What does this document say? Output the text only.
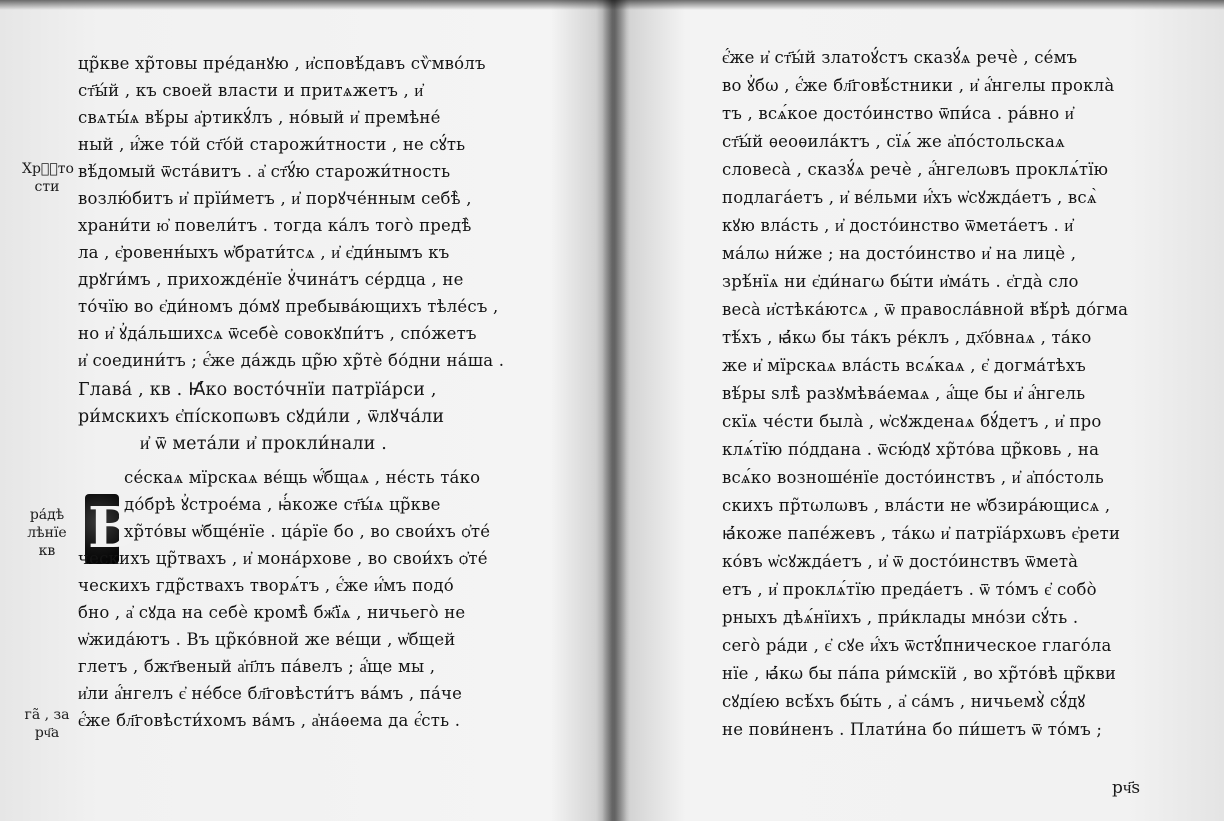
цр̃кве хр̃товы пре́данꙋю , и҆сповѣ́давъ сѷмво́лъ
ст҃ы́й , къ своей власти и притѧжетъ , и҆
свѧты́ѧ вѣ́ры а҆ртикꙋ́лъ , но́вый и҆ премѣне́
ный , и҆́же то́й ст҃о́й старожи́тности , не сꙋ́ть
вѣ́домый ѿста́витъ . а҆ ст҃ꙋ́ю старожи́тность
возлю́битъ и҆ прїи́метъ , и҆ порꙋче́нным себѣ̀ ,
храни́ти ю҆ повели́тъ . тогда ка́лъ того̀ предѣ̀
ла , є҆ровенн́ыхъ ѡ҆брати́тсѧ , и҆ є҆ди́нымъ къ
дрꙋги́мъ , прихожде́нїе ꙋ҆чина́тъ се́рдца , не
то́чїю во є҆ди́номъ до́мꙋ пребыва́ющихъ тѣле́съ ,
но и҆ ꙋ҆да́льшихсѧ ѿсебѐ совокꙋпи́тъ , спо́жетъ
и҆ соедини́тъ ; є҆́же да́ждь цр̃ю хр̃тѐ бо́дни на́ша .
Глава́ , кв . Ꙗ҆́ко восто́чнїи патрїа́рси ,
ри́мскихъ є҆пі́скопωвъ сꙋди́ли , ѿлꙋча́ли
и҆ ѿ мета́ли и҆ прокли́нали .
В
се́скаѧ мїрскаѧ ве́щь ѡ҆́бщаѧ , не́сть та́ко
до́брѣ ꙋ҆строе́ма , ꙗ҆́коже ст҃ы́ѧ цр̃кве
хр̃то́вы ѡ҆бще́нїе . ца́рїе бо , во свои́хъ ѻ҆те́
ческихъ цр̃твахъ , и҆ мона́рхове , во свои́хъ ѻ҆те́
ческихъ гдр̃ствахъ творѧ́тъ , є҆́же и҆́мъ подо́
бно , а҆ сꙋда на себѐ кромѣ̀ бж҃їѧ , ничьего̀ не
ѡ҆жида́ютъ . Въ цр̃ко́вной же ве́щи , ѡ҆бщей
глетъ , бжт҃веный а҆п҃лъ па́велъ ; а҆́ще мы ,
и҆ли а҆́нгелъ є҆ не́бсе бл҃говѣсти́тъ ва́мъ , па́че
є҆́же бл҃говѣсти́хомъ ва́мъ , а҆на́ѳема да є҆́сть .
Хрⷭ҇то
сти
ра́дѣ
лѣнїе
кв
га̃ , за
рч҃а
є҆́же и҆ ст҃ы́й златоꙋ́стъ сказꙋ́ѧ речѐ , се́мъ
во ꙋ҆́бω , є҆́же бл҃говѣ́стники , и҆ а҆́нгелы прокла̀
тъ , всѧ́кое досто́инство ѿпи́са . ра́вно и҆
ст҃ы́й ѳеоѳила́ктъ , сїѧ́ же а҆по́стольскаѧ
словеса̀ , сказꙋ́ѧ речѐ , а҆́нгелωвъ проклѧ́тїю
подлага́етъ , и҆ ве́льми и҆́хъ ѡ҆сꙋжда́етъ , всѧ̀
кꙋю вла́сть , и҆ досто́инство ѿмета́етъ . и҆
ма́лω ни́же ; на досто́инство и҆ на лицѐ ,
зрѣ́нїѧ ни є҆ди́нагω бы́ти и҆ма́ть . є҆гда̀ сло
веса̀ и҆стѣка́ютсѧ , ѿ правосла́вной вѣ́рѣ до́гма
тѣ́хъ , ꙗ҆́кω бы та́къ ре́клъ , дх҃о́внаѧ , та́ко
же и҆ мїрскаѧ вла́сть всѧ́каѧ , є҆ догма́тѣхъ
вѣ́ры ѕлѣ̀ разꙋмѣва́емаѧ , а҆́ще бы и҆ а҆́нгель
скїѧ че́сти была̀ , ѡ҆сꙋжденаѧ бꙋ́детъ , и҆ про
клѧ́тїю по́ддана . ѿсю́дꙋ хр̃то́ва цр̃ковь , на
всѧ́ко возноше́нїе досто́инствъ , и҆ а҆по́столь
скихъ пр̃тωлωвъ , вла́сти не ѡ҆бзира́ющисѧ ,
ꙗ҆́коже папе́жевъ , та́кω и҆ патрїа́рхωвъ є҆рети
ко́въ ѡ҆сꙋжда́етъ , и҆ ѿ досто́инствъ ѿмета̀
етъ , и҆ проклѧ́тїю преда́етъ . ѿ то́мъ є҆ собо̀
рныхъ дѣѧ́нїихъ , при́клады мно́зи сꙋ́ть .
сего̀ ра́ди , є҆ сꙋе и҆́хъ ѿстꙋ́пническое глаго́ла
нїе , ꙗ҆́кω бы па́па ри́мскїй , во хр̃то́вѣ цр̃кви
сꙋді́ею всѣ́хъ бы́ть , а҆ са́мъ , ничьемꙋ̀ сꙋ́дꙋ
не пови́ненъ . Плати́на бо пи́шетъ ѿ то́мъ ;
рч҃ѕ
